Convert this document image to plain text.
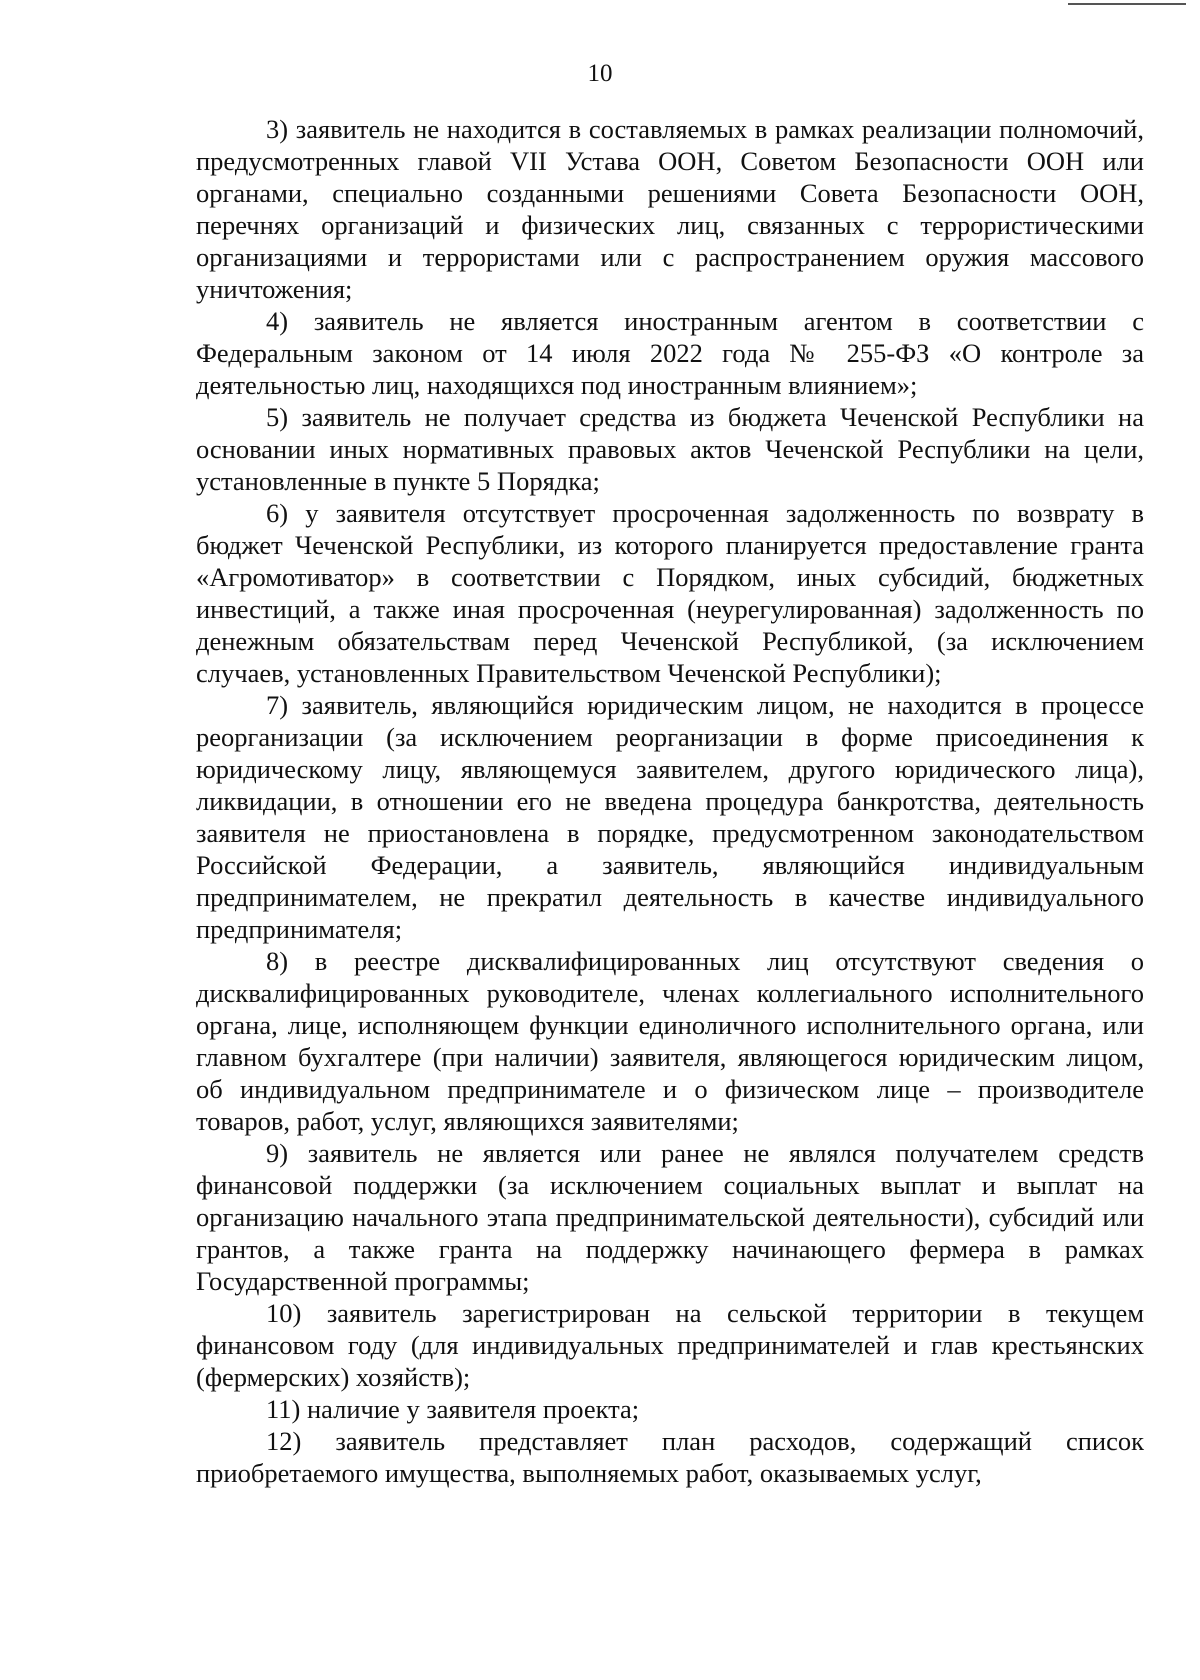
10

3) заявитель не находится в составляемых в рамках реализации полномочий, предусмотренных главой VII Устава ООН, Советом Безопасности ООН или органами, специально созданными решениями Совета Безопасности ООН, перечнях организаций и физических лиц, связанных с террористическими организациями и террористами или с распространением оружия массового уничтожения;

4) заявитель не является иностранным агентом в соответствии с Федеральным законом от 14 июля 2022 года № 255-ФЗ «О контроле за деятельностью лиц, находящихся под иностранным влиянием»;

5) заявитель не получает средства из бюджета Чеченской Республики на основании иных нормативных правовых актов Чеченской Республики на цели, установленные в пункте 5 Порядка;

6) у заявителя отсутствует просроченная задолженность по возврату в бюджет Чеченской Республики, из которого планируется предоставление гранта «Агромотиватор» в соответствии с Порядком, иных субсидий, бюджетных инвестиций, а также иная просроченная (неурегулированная) задолженность по денежным обязательствам перед Чеченской Республикой, (за исключением случаев, установленных Правительством Чеченской Республики);

7) заявитель, являющийся юридическим лицом, не находится в процессе реорганизации (за исключением реорганизации в форме присоединения к юридическому лицу, являющемуся заявителем, другого юридического лица), ликвидации, в отношении его не введена процедура банкротства, деятельность заявителя не приостановлена в порядке, предусмотренном законодательством Российской Федерации, а заявитель, являющийся индивидуальным предпринимателем, не прекратил деятельность в качестве индивидуального предпринимателя;

8) в реестре дисквалифицированных лиц отсутствуют сведения о дисквалифицированных руководителе, членах коллегиального исполнительного органа, лице, исполняющем функции единоличного исполнительного органа, или главном бухгалтере (при наличии) заявителя, являющегося юридическим лицом, об индивидуальном предпринимателе и о физическом лице – производителе товаров, работ, услуг, являющихся заявителями;

9) заявитель не является или ранее не являлся получателем средств финансовой поддержки (за исключением социальных выплат и выплат на организацию начального этапа предпринимательской деятельности), субсидий или грантов, а также гранта на поддержку начинающего фермера в рамках Государственной программы;

10) заявитель зарегистрирован на сельской территории в текущем финансовом году (для индивидуальных предпринимателей и глав крестьянских (фермерских) хозяйств);

11) наличие у заявителя проекта;

12) заявитель представляет план расходов, содержащий список приобретаемого имущества, выполняемых работ, оказываемых услуг,
